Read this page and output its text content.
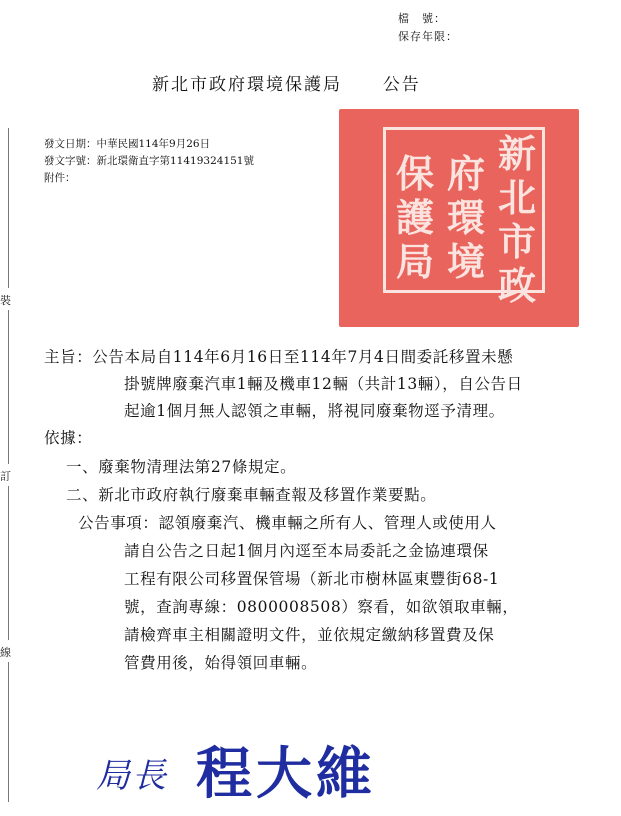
檔　號：
保存年限：
新北市政府環境保護局 公告
裝
訂
線
發文日期：中華民國114年9月26日
發文字號：新北環衛直字第11419324151號
附件：
新
北
市
政
府
環
境
保
護
局
主旨：公告本局自114年6月16日至114年7月4日間委託移置未懸
掛號牌廢棄汽車1輛及機車12輛（共計13輛），自公告日
起逾1個月無人認領之車輛，將視同廢棄物逕予清理。
依據：
一、廢棄物清理法第27條規定。
二、新北市政府執行廢棄車輛查報及移置作業要點。
公告事項：認領廢棄汽、機車輛之所有人、管理人或使用人
請自公告之日起1個月內逕至本局委託之金協連環保
工程有限公司移置保管場（新北市樹林區東豐街68-1
號，查詢專線：0800008508）察看，如欲領取車輛，
請檢齊車主相關證明文件，並依規定繳納移置費及保
管費用後，始得領回車輛。
局長 程大維
